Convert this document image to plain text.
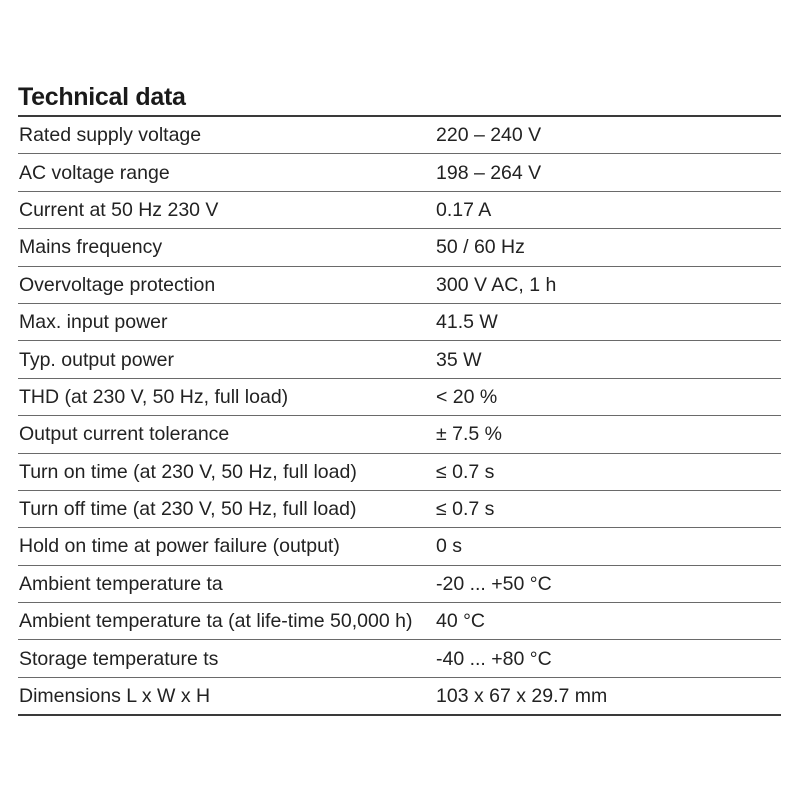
Technical data
Rated supply voltage	220 – 240 V
AC voltage range	198 – 264 V
Current at 50 Hz 230 V	0.17 A
Mains frequency	50 / 60 Hz
Overvoltage protection	300 V AC, 1 h
Max. input power	41.5 W
Typ. output power	35 W
THD (at 230 V, 50 Hz, full load)	< 20 %
Output current tolerance	± 7.5 %
Turn on time (at 230 V, 50 Hz, full load)	≤ 0.7 s
Turn off time (at 230 V, 50 Hz, full load)	≤ 0.7 s
Hold on time at power failure (output)	0 s
Ambient temperature ta	-20 ... +50 °C
Ambient temperature ta (at life-time 50,000 h)	40 °C
Storage temperature ts	-40 ... +80 °C
Dimensions L x W x H	103 x 67 x 29.7 mm
